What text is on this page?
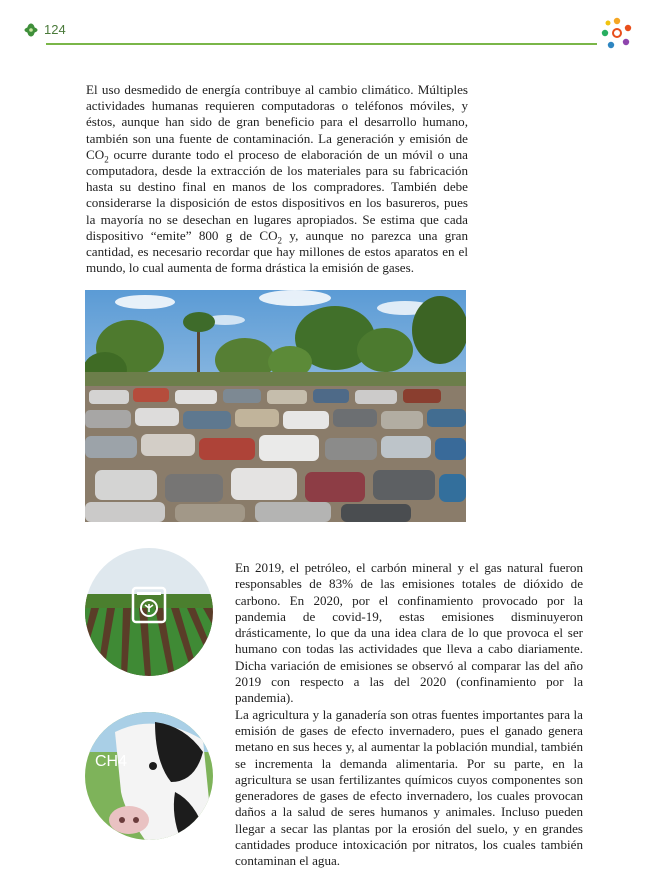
124

El uso desmedido de energía contribuye al cambio climático. Múltiples actividades humanas requieren computadoras o teléfonos móviles, y éstos, aunque han sido de gran beneficio para el desarrollo humano, también son una fuente de contaminación. La generación y emisión de $CO_2$ ocurre durante todo el proceso de elaboración de un móvil o una computadora, desde la extracción de los materiales para su fabricación hasta su destino final en manos de los compradores. También debe considerarse la disposición de estos dispositivos en los basureros, pues la mayoría no se desechan en lugares apropiados. Se estima que cada dispositivo “emite” 800 g de $CO_2$ y, aunque no parezca una gran cantidad, es necesario recordar que hay millones de estos aparatos en el mundo, lo cual aumenta de forma drástica la emisión de gases.

CH4

En 2019, el petróleo, el carbón mineral y el gas natural fueron responsables de 83% de las emisiones totales de dióxido de carbono. En 2020, por el confinamiento provocado por la pandemia de covid-19, estas emisiones disminuyeron drásticamente, lo que da una idea clara de lo que provoca el ser humano con todas las actividades que lleva a cabo diariamente. Dicha variación de emisiones se observó al comparar las del año 2019 con respecto a las del 2020 (confinamiento por la pandemia).

La agricultura y la ganadería son otras fuentes importantes para la emisión de gases de efecto invernadero, pues el ganado genera metano en sus heces y, al aumentar la población mundial, también se incrementa la demanda alimentaria. Por su parte, en la agricultura se usan fertilizantes químicos cuyos componentes son generadores de gases de efecto invernadero, los cuales provocan daños a la salud de seres humanos y animales. Incluso pueden llegar a secar las plantas por la erosión del suelo, y en grandes cantidades produce intoxicación por nitratos, los cuales también contaminan el agua.
